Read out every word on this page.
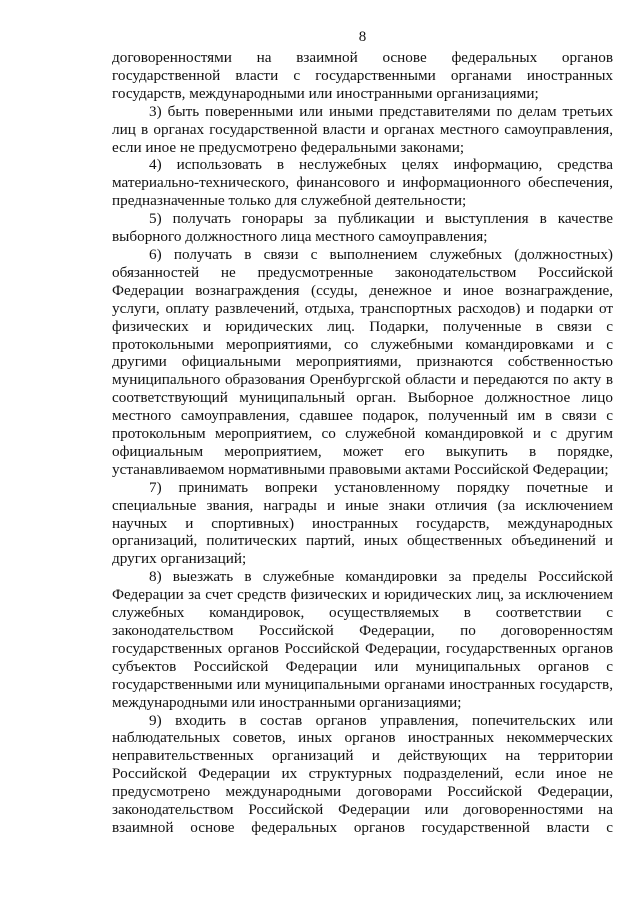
8

договоренностями на взаимной основе федеральных органов государственной власти с государственными органами иностранных государств, международными или иностранными организациями;

3) быть поверенными или иными представителями по делам третьих лиц в органах государственной власти и органах местного самоуправления, если иное не предусмотрено федеральными законами;

4) использовать в неслужебных целях информацию, средства материально-технического, финансового и информационного обеспечения, предназначенные только для служебной деятельности;

5) получать гонорары за публикации и выступления в качестве выборного должностного лица местного самоуправления;

6) получать в связи с выполнением служебных (должностных) обязанностей не предусмотренные законодательством Российской Федерации вознаграждения (ссуды, денежное и иное вознаграждение, услуги, оплату развлечений, отдыха, транспортных расходов) и подарки от физических и юридических лиц. Подарки, полученные в связи с протокольными мероприятиями, со служебными командировками и с другими официальными мероприятиями, признаются собственностью муниципального образования Оренбургской области и передаются по акту в соответствующий муниципальный орган. Выборное должностное лицо местного самоуправления, сдавшее подарок, полученный им в связи с протокольным мероприятием, со служебной командировкой и с другим официальным мероприятием, может его выкупить в порядке, устанавливаемом нормативными правовыми актами Российской Федерации;

7) принимать вопреки установленному порядку почетные и специальные звания, награды и иные знаки отличия (за исключением научных и спортивных) иностранных государств, международных организаций, политических партий, иных общественных объединений и других организаций;

8) выезжать в служебные командировки за пределы Российской Федерации за счет средств физических и юридических лиц, за исключением служебных командировок, осуществляемых в соответствии с законодательством Российской Федерации, по договоренностям государственных органов Российской Федерации, государственных органов субъектов Российской Федерации или муниципальных органов с государственными или муниципальными органами иностранных государств, международными или иностранными организациями;

9) входить в состав органов управления, попечительских или наблюдательных советов, иных органов иностранных некоммерческих неправительственных организаций и действующих на территории Российской Федерации их структурных подразделений, если иное не предусмотрено международными договорами Российской Федерации, законодательством Российской Федерации или договоренностями на взаимной основе федеральных органов государственной власти с
